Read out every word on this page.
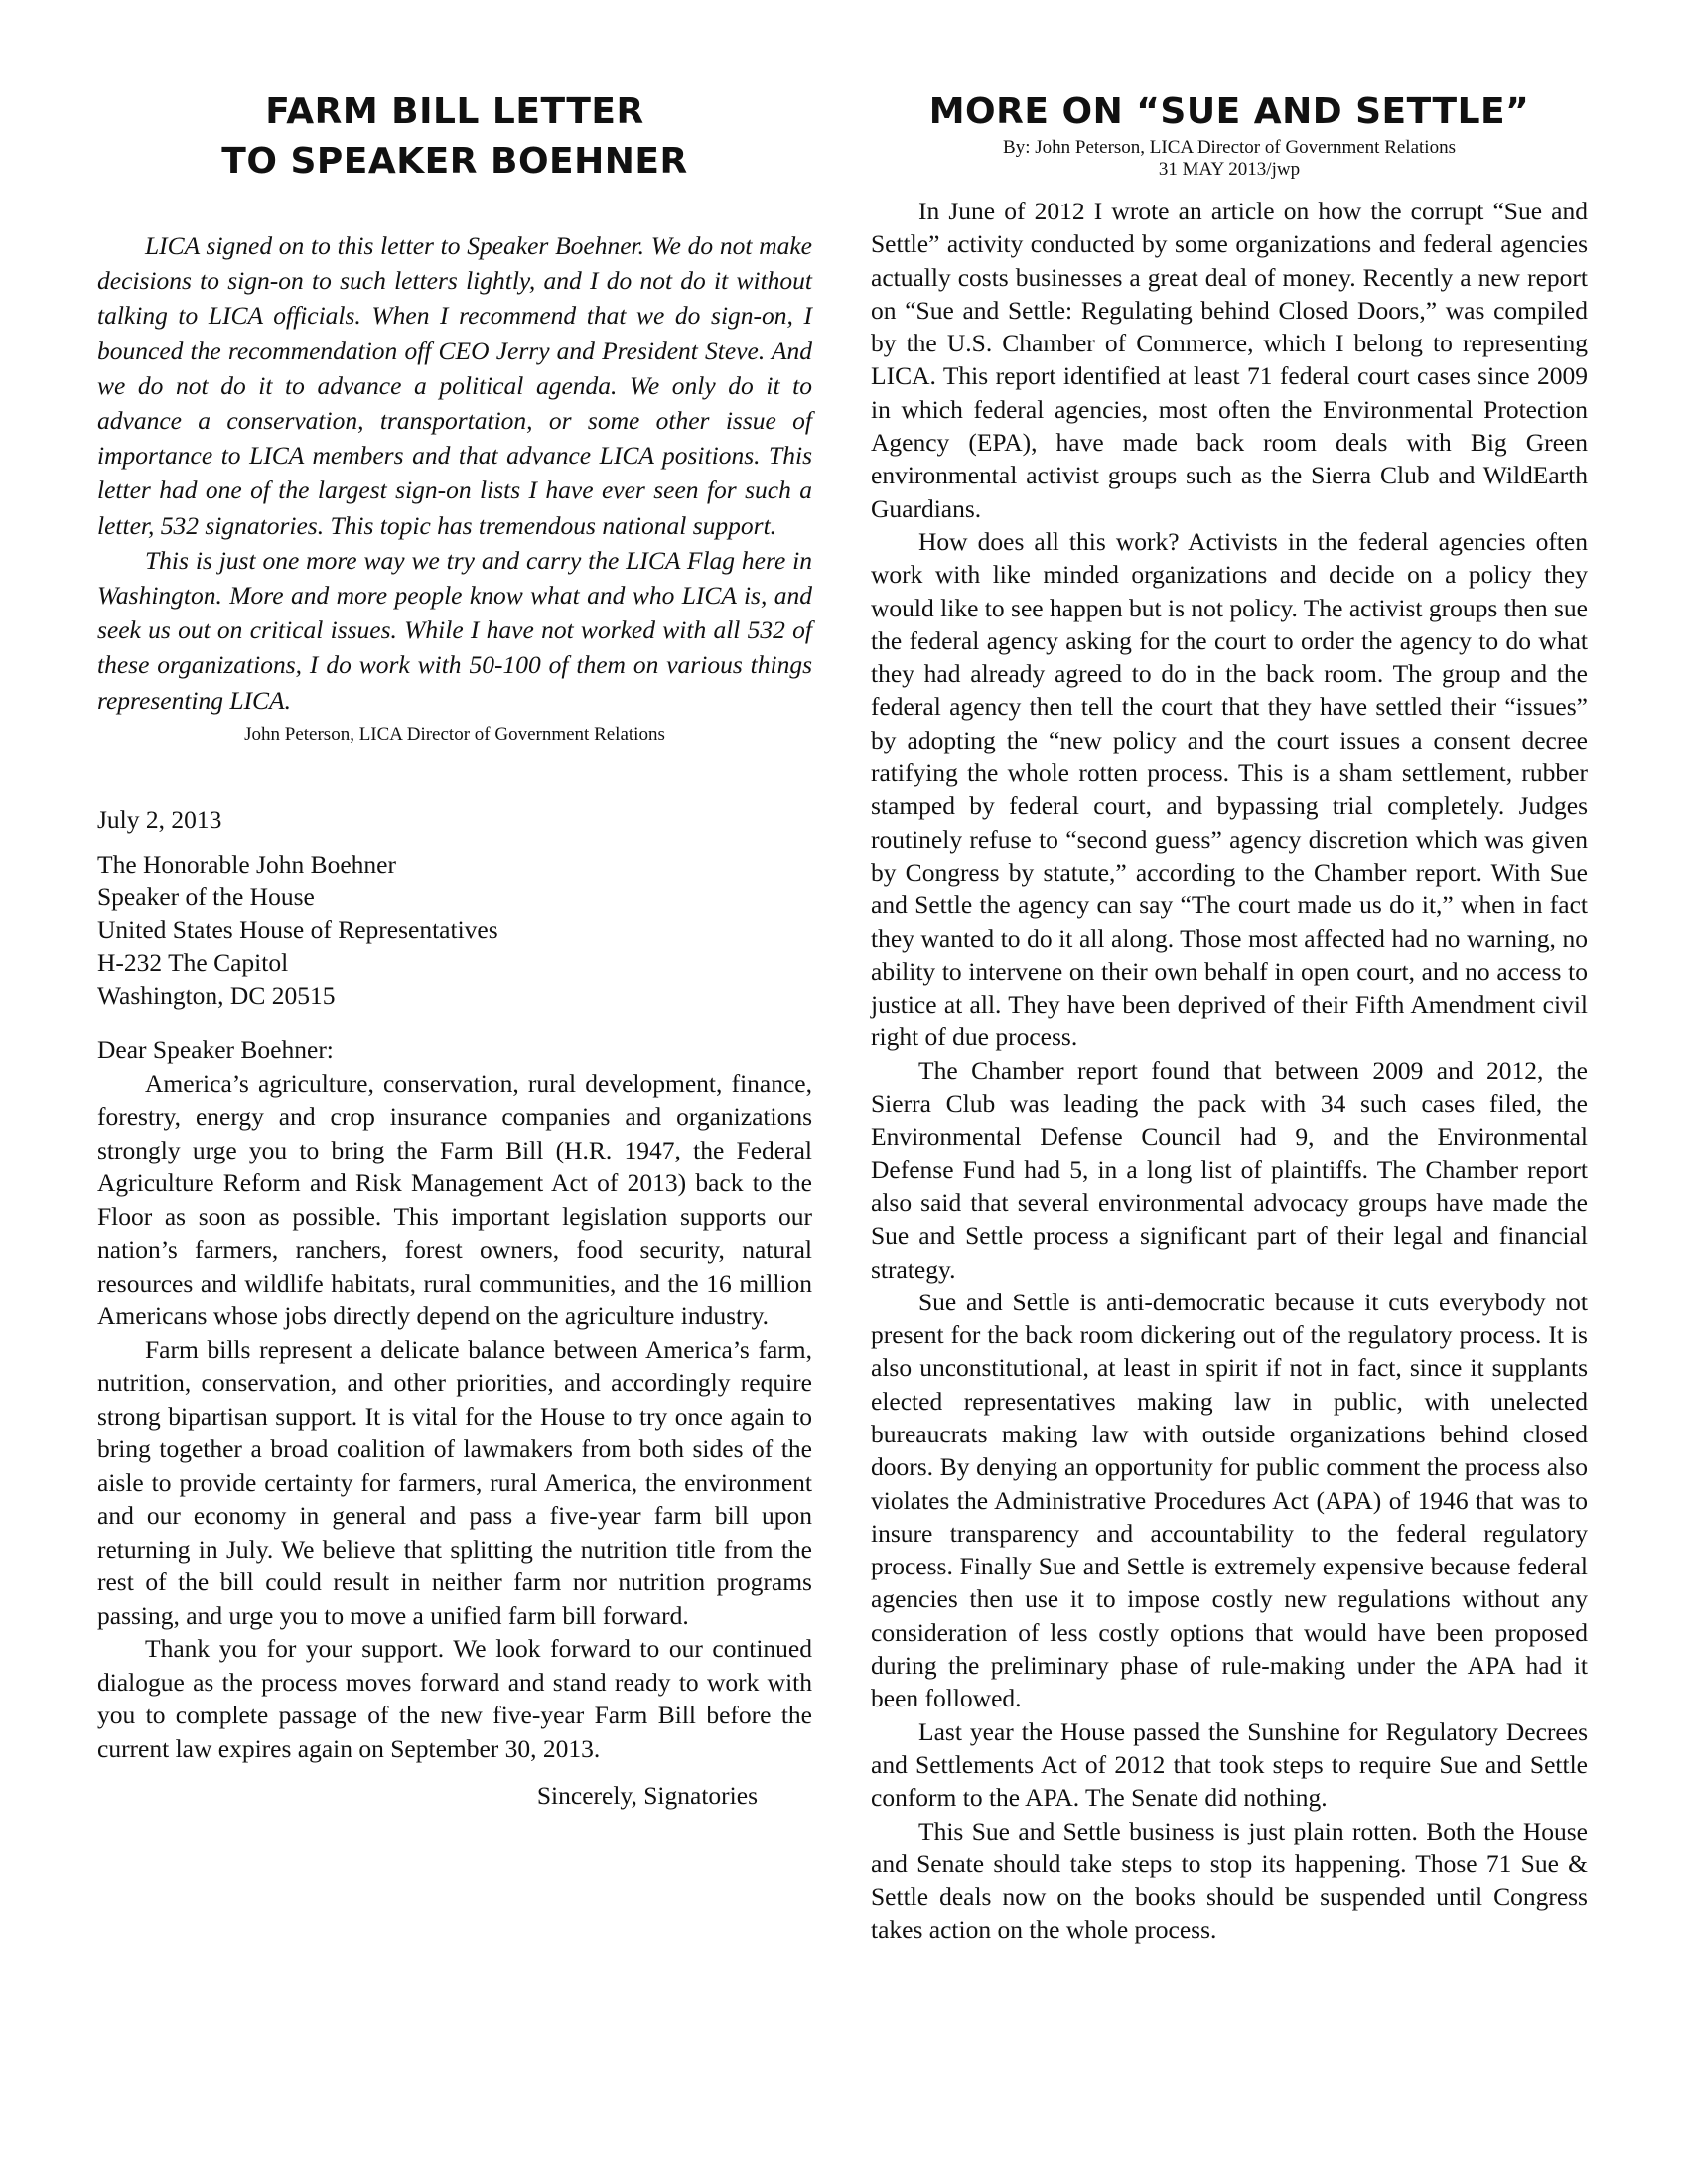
FARM BILL LETTER
TO SPEAKER BOEHNER

LICA signed on to this letter to Speaker Boehner. We do not make decisions to sign-on to such letters lightly, and I do not do it without talking to LICA officials. When I recommend that we do sign-on, I bounced the recommendation off CEO Jerry and President Steve. And we do not do it to advance a political agenda. We only do it to advance a conservation, transportation, or some other issue of importance to LICA members and that advance LICA positions. This letter had one of the largest sign-on lists I have ever seen for such a letter, 532 signatories. This topic has tremendous national support.

This is just one more way we try and carry the LICA Flag here in Washington. More and more people know what and who LICA is, and seek us out on critical issues. While I have not worked with all 532 of these organizations, I do work with 50-100 of them on various things representing LICA.

John Peterson, LICA Director of Government Relations
July 2, 2013
The Honorable John Boehner
Speaker of the House
United States House of Representatives
H-232 The Capitol
Washington, DC 20515
Dear Speaker Boehner:

America’s agriculture, conservation, rural development, finance, forestry, energy and crop insurance companies and organizations strongly urge you to bring the Farm Bill (H.R. 1947, the Federal Agriculture Reform and Risk Management Act of 2013) back to the Floor as soon as possible. This important legislation supports our nation’s farmers, ranchers, forest owners, food security, natural resources and wildlife habitats, rural communities, and the 16 million Americans whose jobs directly depend on the agriculture industry.

Farm bills represent a delicate balance between America’s farm, nutrition, conservation, and other priorities, and accordingly require strong bipartisan support. It is vital for the House to try once again to bring together a broad coalition of lawmakers from both sides of the aisle to provide certainty for farmers, rural America, the environment and our economy in general and pass a five-year farm bill upon returning in July. We believe that splitting the nutrition title from the rest of the bill could result in neither farm nor nutrition programs passing, and urge you to move a unified farm bill forward.

Thank you for your support. We look forward to our continued dialogue as the process moves forward and stand ready to work with you to complete passage of the new five-year Farm Bill before the current law expires again on September 30, 2013.

Sincerely, Signatories
MORE ON “SUE AND SETTLE”
By: John Peterson, LICA Director of Government Relations
31 MAY 2013/jwp

In June of 2012 I wrote an article on how the corrupt “Sue and Settle” activity conducted by some organizations and federal agencies actually costs businesses a great deal of money. Recently a new report on “Sue and Settle: Regulating behind Closed Doors,” was compiled by the U.S. Chamber of Commerce, which I belong to representing LICA. This report identified at least 71 federal court cases since 2009 in which federal agencies, most often the Environmental Protection Agency (EPA), have made back room deals with Big Green environmental activist groups such as the Sierra Club and WildEarth Guardians.

How does all this work? Activists in the federal agencies often work with like minded organizations and decide on a policy they would like to see happen but is not policy. The activist groups then sue the federal agency asking for the court to order the agency to do what they had already agreed to do in the back room. The group and the federal agency then tell the court that they have settled their “issues” by adopting the “new policy and the court issues a consent decree ratifying the whole rotten process. This is a sham settlement, rubber stamped by federal court, and bypassing trial completely. Judges routinely refuse to “second guess” agency discretion which was given by Congress by statute,” according to the Chamber report. With Sue and Settle the agency can say “The court made us do it,” when in fact they wanted to do it all along. Those most affected had no warning, no ability to intervene on their own behalf in open court, and no access to justice at all. They have been deprived of their Fifth Amendment civil right of due process.

The Chamber report found that between 2009 and 2012, the Sierra Club was leading the pack with 34 such cases filed, the Environmental Defense Council had 9, and the Environmental Defense Fund had 5, in a long list of plaintiffs. The Chamber report also said that several environmental advocacy groups have made the Sue and Settle process a significant part of their legal and financial strategy.

Sue and Settle is anti-democratic because it cuts everybody not present for the back room dickering out of the regulatory process. It is also unconstitutional, at least in spirit if not in fact, since it supplants elected representatives making law in public, with unelected bureaucrats making law with outside organizations behind closed doors. By denying an opportunity for public comment the process also violates the Administrative Procedures Act (APA) of 1946 that was to insure transparency and accountability to the federal regulatory process. Finally Sue and Settle is extremely expensive because federal agencies then use it to impose costly new regulations without any consideration of less costly options that would have been proposed during the preliminary phase of rule-making under the APA had it been followed.

Last year the House passed the Sunshine for Regulatory Decrees and Settlements Act of 2012 that took steps to require Sue and Settle conform to the APA. The Senate did nothing.

This Sue and Settle business is just plain rotten. Both the House and Senate should take steps to stop its happening. Those 71 Sue & Settle deals now on the books should be suspended until Congress takes action on the whole process.
